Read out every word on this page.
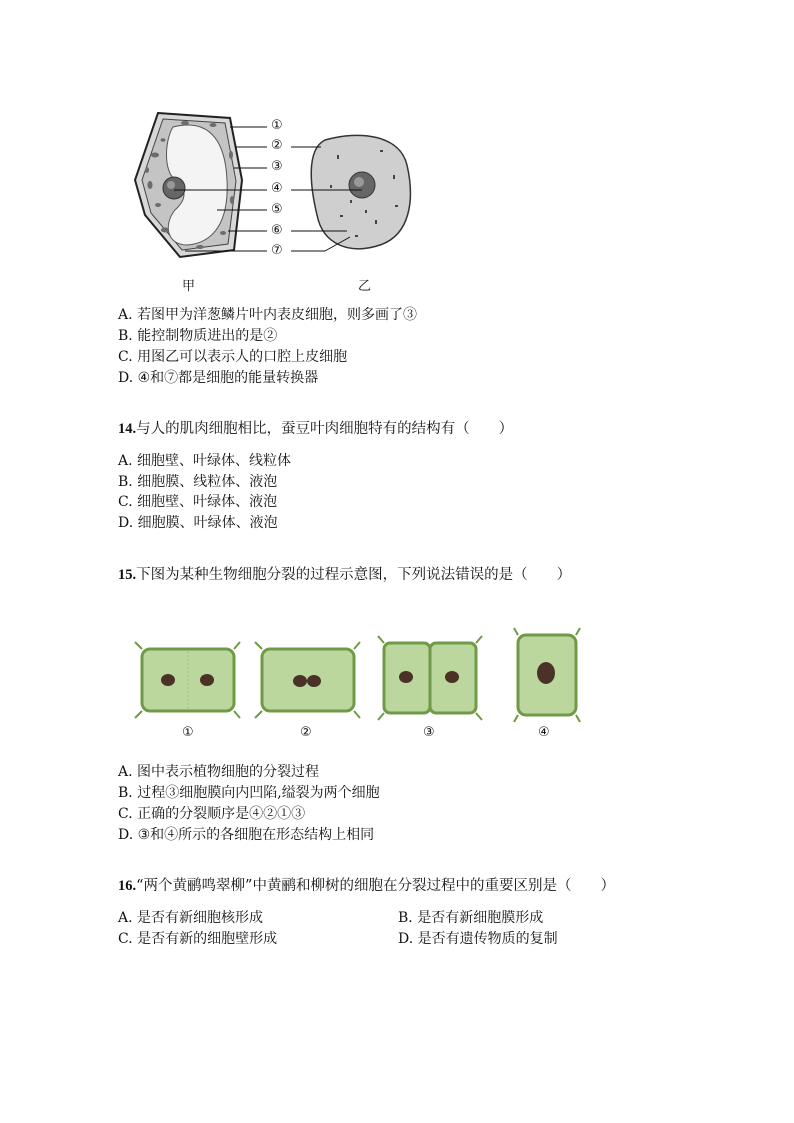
①
②
③
④
⑤
⑥
⑦
甲	乙
A. 若图甲为洋葱鳞片叶内表皮细胞，则多画了③
B. 能控制物质进出的是②
C. 用图乙可以表示人的口腔上皮细胞
D. ④和⑦都是细胞的能量转换器
14.与人的肌肉细胞相比，蚕豆叶肉细胞特有的结构有（　　）
A. 细胞壁、叶绿体、线粒体
B. 细胞膜、线粒体、液泡
C. 细胞壁、叶绿体、液泡
D. 细胞膜、叶绿体、液泡
15.下图为某种生物细胞分裂的过程示意图，下列说法错误的是（　　）
①	②	③	④
A. 图中表示植物细胞的分裂过程
B. 过程③细胞膜向内凹陷,缢裂为两个细胞
C. 正确的分裂顺序是④②①③
D. ③和④所示的各细胞在形态结构上相同
16.“两个黄鹂鸣翠柳”中黄鹂和柳树的细胞在分裂过程中的重要区别是（　　）
A. 是否有新细胞核形成	B. 是否有新细胞膜形成
C. 是否有新的细胞壁形成	D. 是否有遗传物质的复制
